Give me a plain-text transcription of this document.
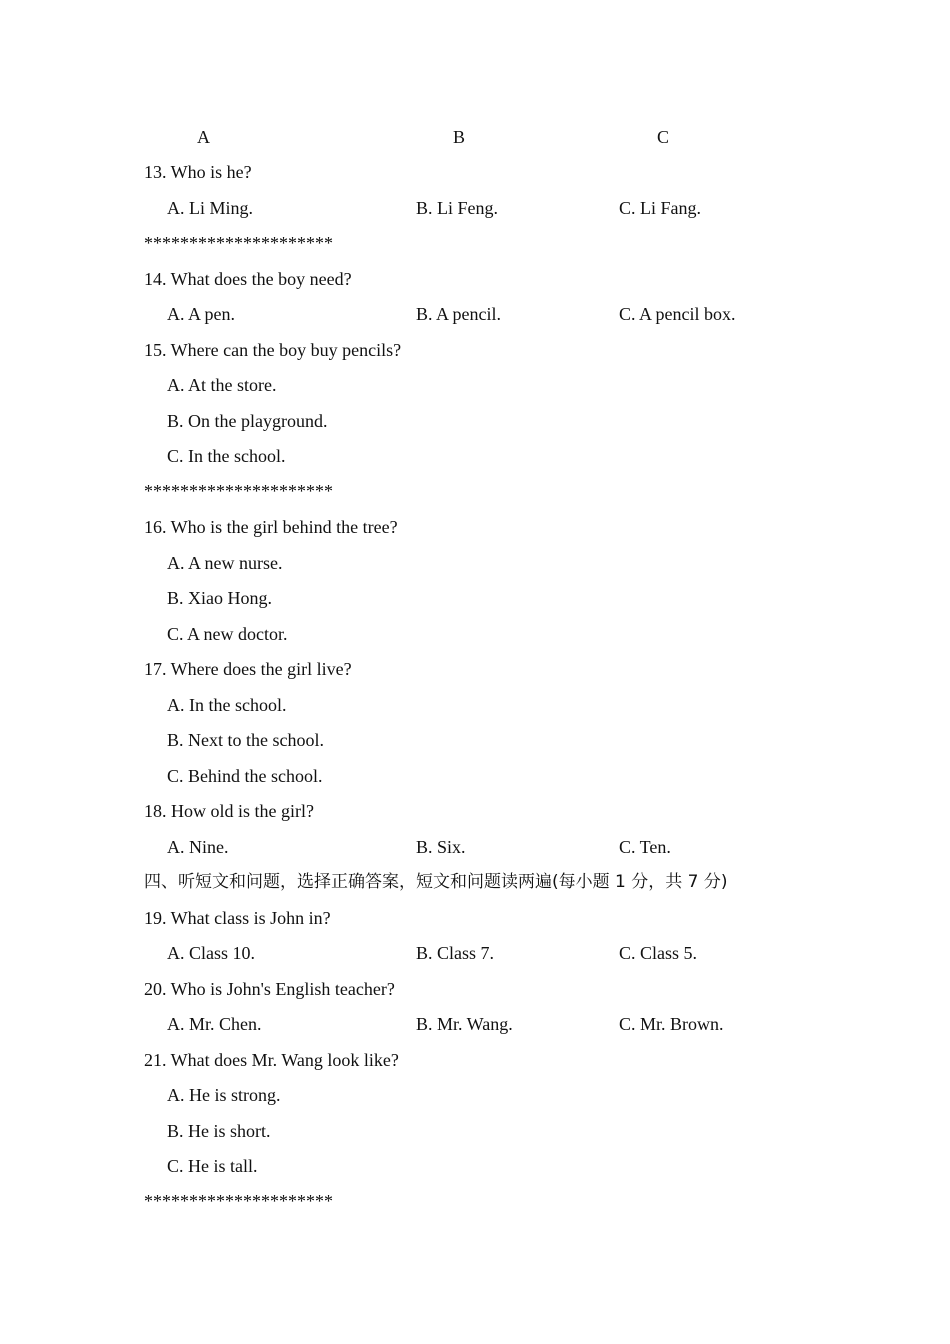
A	B	C
13. Who is he?
A. Li Ming.	B. Li Feng.	C. Li Fang.
*********************
14. What does the boy need?
A. A pen.	B. A pencil.	C. A pencil box.
15. Where can the boy buy pencils?
A. At the store.
B. On the playground.
C. In the school.
*********************
16. Who is the girl behind the tree?
A. A new nurse.
B. Xiao Hong.
C. A new doctor.
17. Where does the girl live?
A. In the school.
B. Next to the school.
C. Behind the school.
18. How old is the girl?
A. Nine.	B. Six.	C. Ten.
四、听短文和问题，选择正确答案，短文和问题读两遍(每小题 1 分，共 7 分)
19. What class is John in?
A. Class 10.	B. Class 7.	C. Class 5.
20. Who is John's English teacher?
A. Mr. Chen.	B. Mr. Wang.	C. Mr. Brown.
21. What does Mr. Wang look like?
A. He is strong.
B. He is short.
C. He is tall.
*********************
